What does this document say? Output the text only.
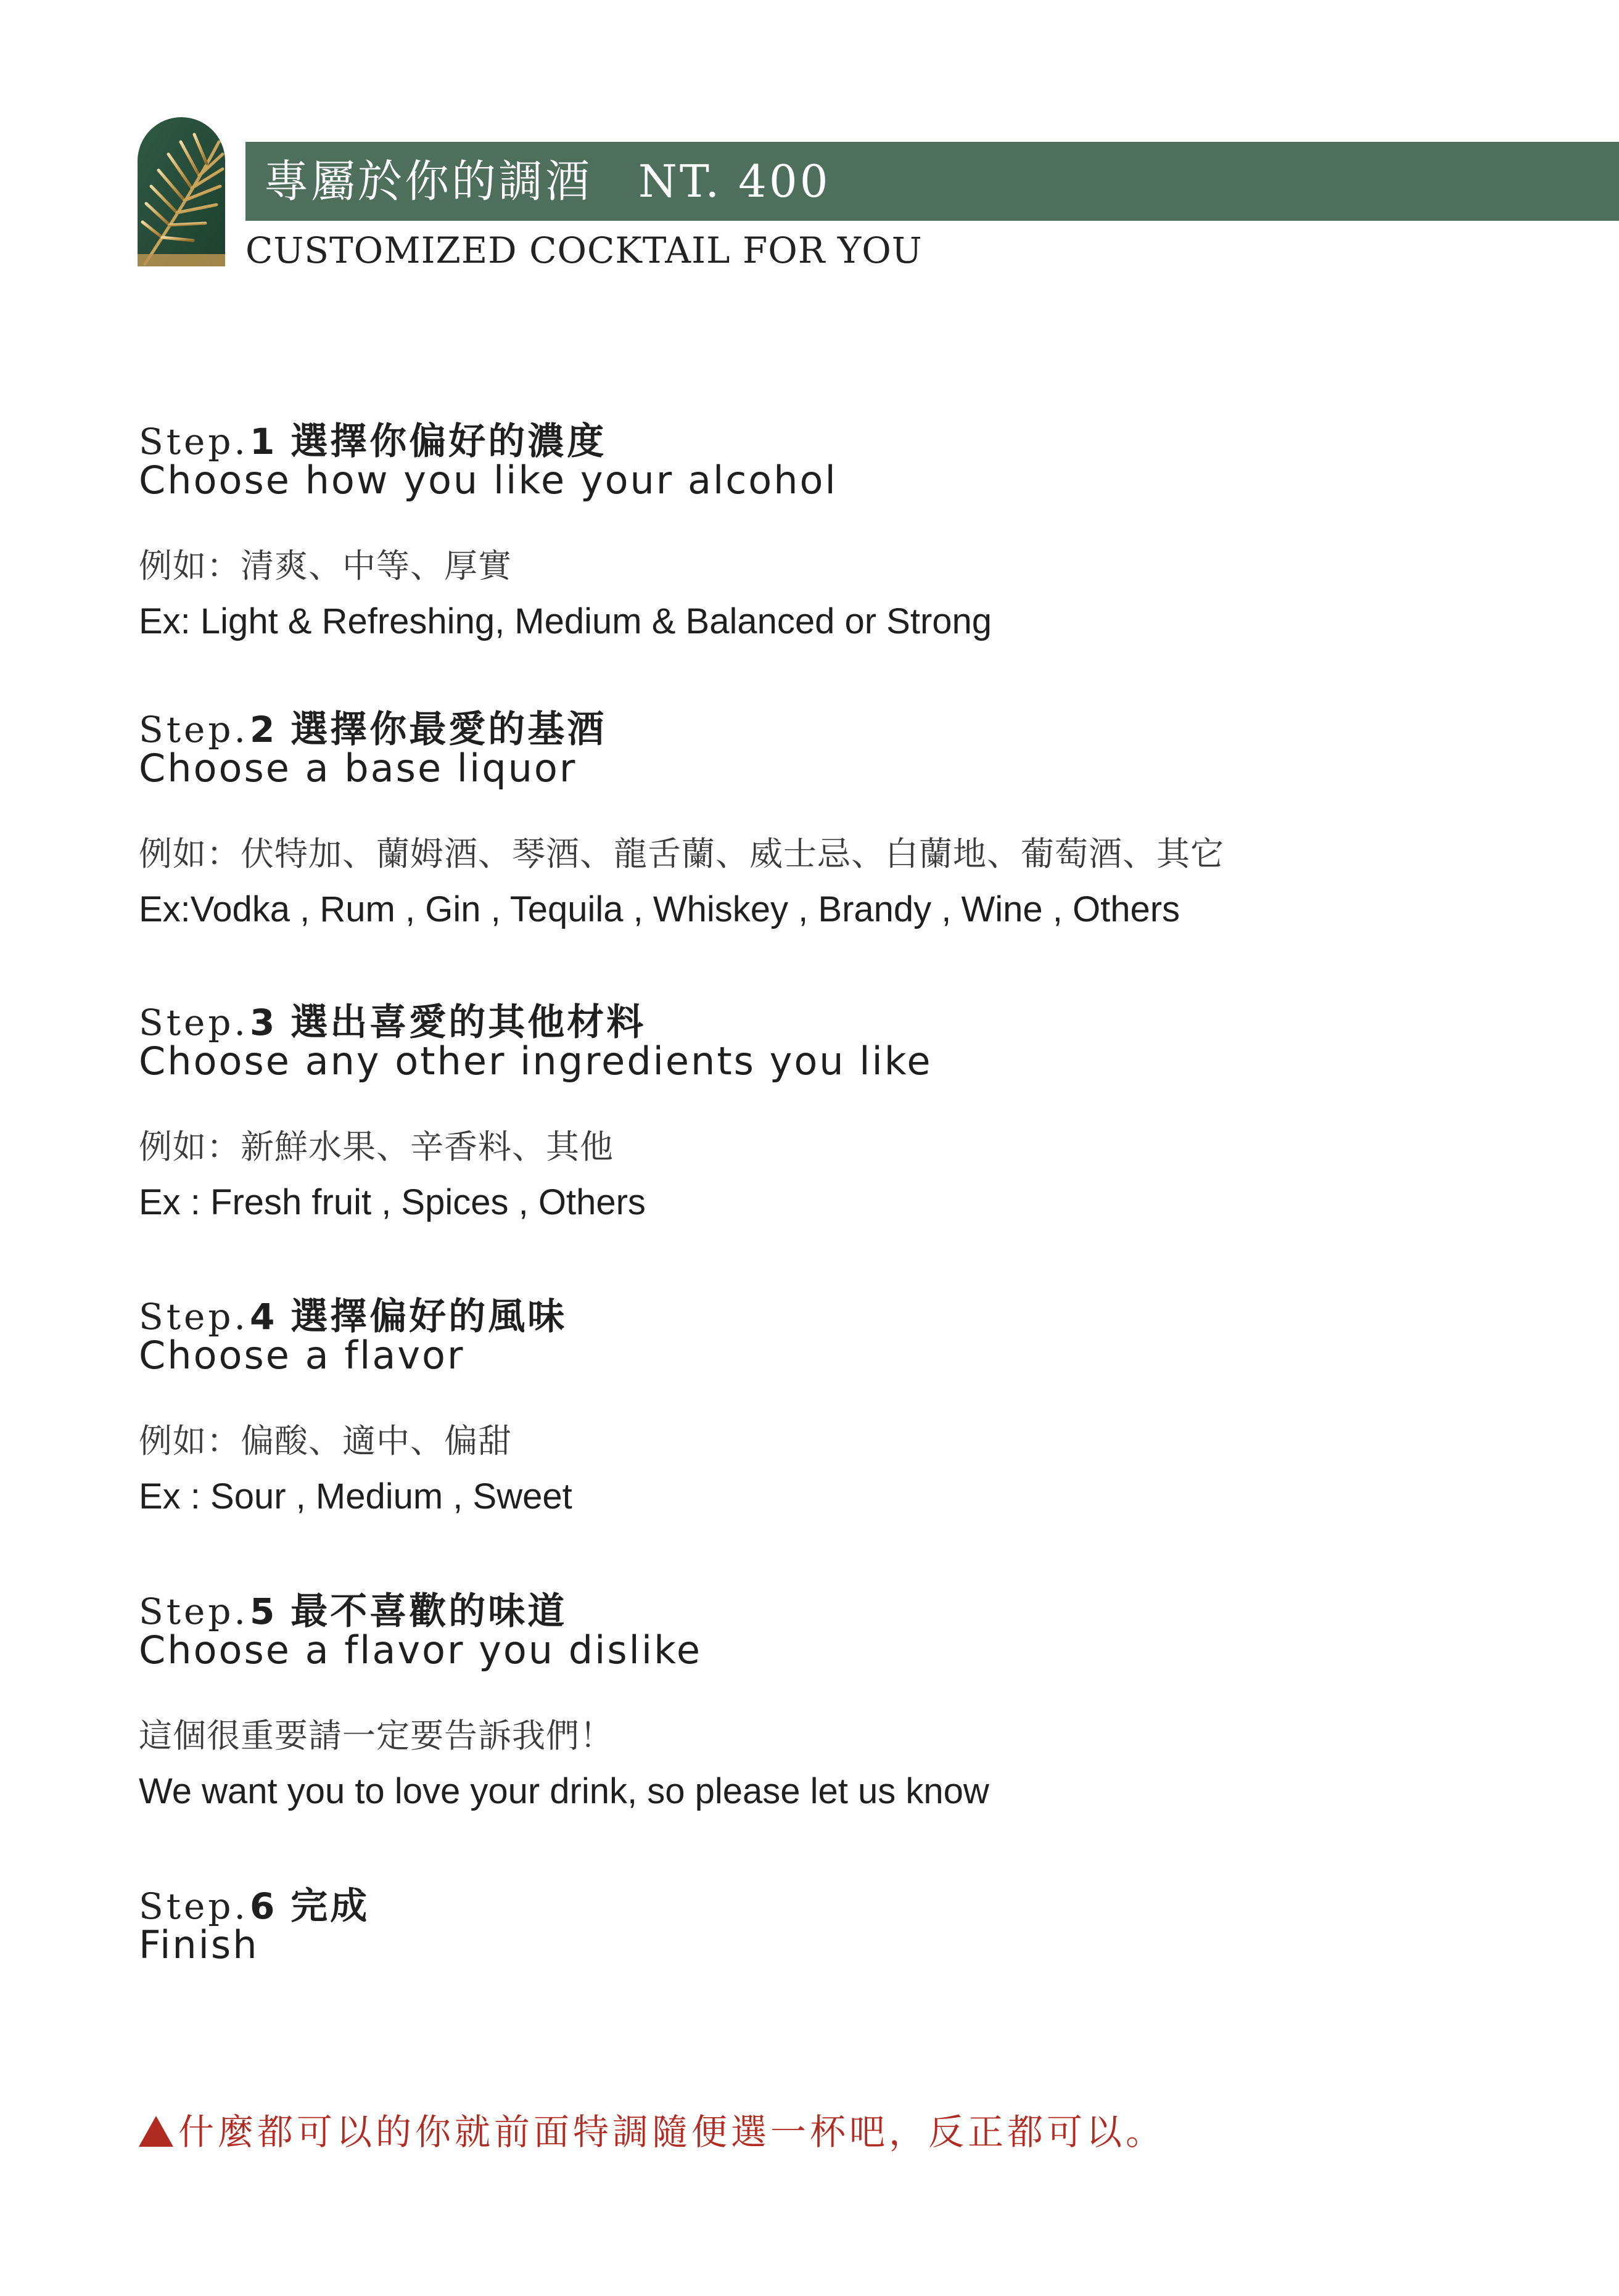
專屬於你的調酒 NT. 400
CUSTOMIZED COCKTAIL FOR YOU
Step.1 選擇你偏好的濃度
Choose how you like your alcohol
例如：清爽、中等、厚實
Ex: Light & Refreshing, Medium & Balanced or Strong
Step.2 選擇你最愛的基酒
Choose a base liquor
例如：伏特加、蘭姆酒、琴酒、龍舌蘭、威士忌、白蘭地、葡萄酒、其它
Ex:Vodka , Rum , Gin , Tequila , Whiskey , Brandy , Wine , Others
Step.3 選出喜愛的其他材料
Choose any other ingredients you like
例如：新鮮水果、辛香料、其他
Ex : Fresh fruit , Spices , Others
Step.4 選擇偏好的風味
Choose a flavor
例如：偏酸、適中、偏甜
Ex : Sour , Medium , Sweet
Step.5 最不喜歡的味道
Choose a flavor you dislike
這個很重要請一定要告訴我們！
We want you to love your drink, so please let us know
Step.6 完成
Finish
什麼都可以的你就前面特調隨便選一杯吧，反正都可以。
